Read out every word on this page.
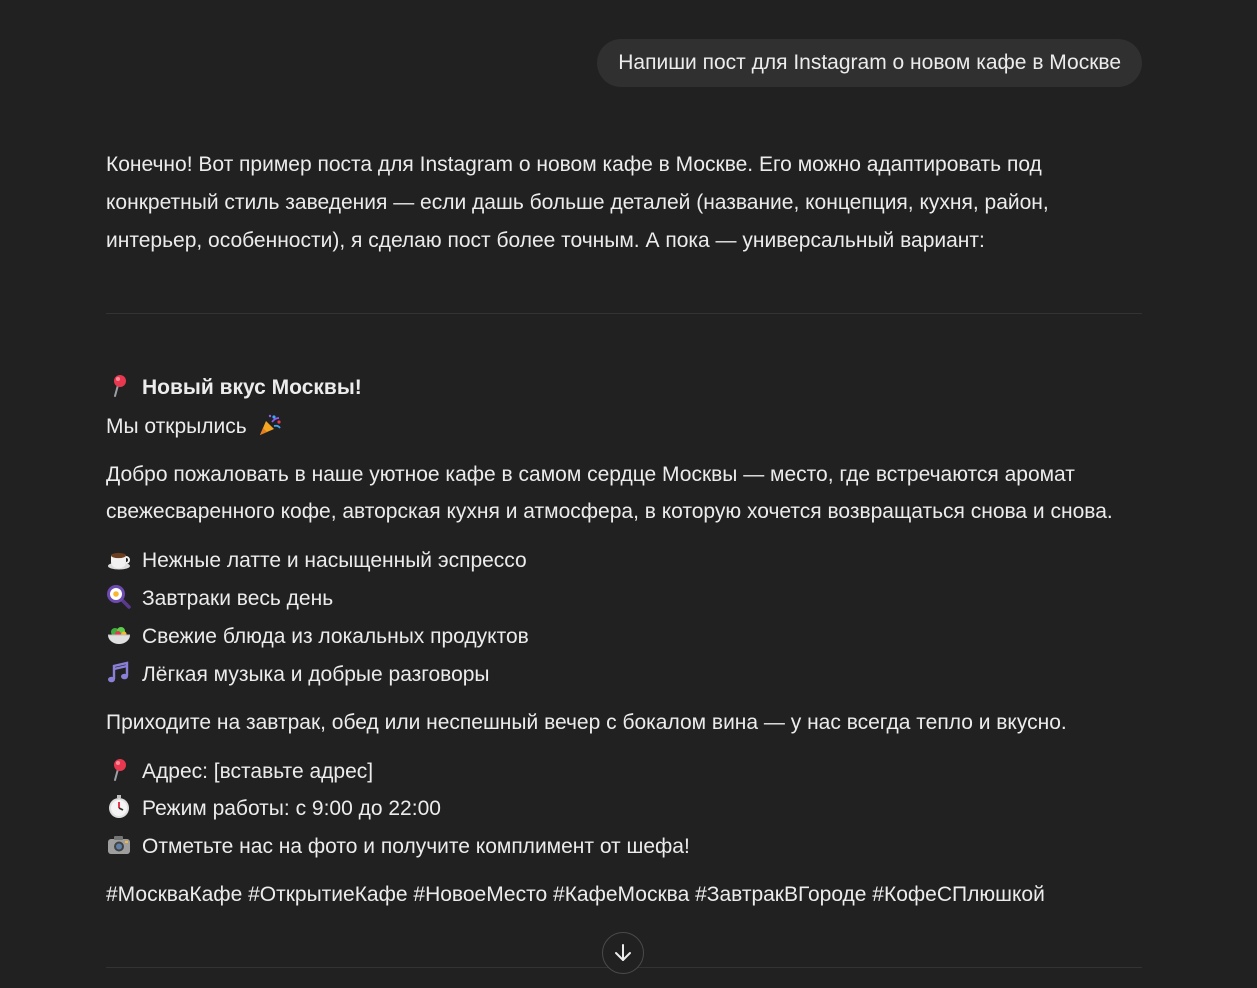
Напиши пост для Instagram о новом кафе в Москве

Конечно! Вот пример поста для Instagram о новом кафе в Москве. Его можно адаптировать под конкретный стиль заведения — если дашь больше деталей (название, концепция, кухня, район, интерьер, особенности), я сделаю пост более точным. А пока — универсальный вариант:

Новый вкус Москвы!
Мы открылись

Добро пожаловать в наше уютное кафе в самом сердце Москвы — место, где встречаются аромат свежесваренного кофе, авторская кухня и атмосфера, в которую хочется возвращаться снова и снова.

Нежные латте и насыщенный эспрессо
Завтраки весь день
Свежие блюда из локальных продуктов
Лёгкая музыка и добрые разговоры

Приходите на завтрак, обед или неспешный вечер с бокалом вина — у нас всегда тепло и вкусно.

Адрес: [вставьте адрес]
Режим работы: с 9:00 до 22:00
Отметьте нас на фото и получите комплимент от шефа!
#МоскваКафе #ОткрытиеКафе #НовоеМесто #КафеМосква #ЗавтракВГороде #КофеСПлюшкой
